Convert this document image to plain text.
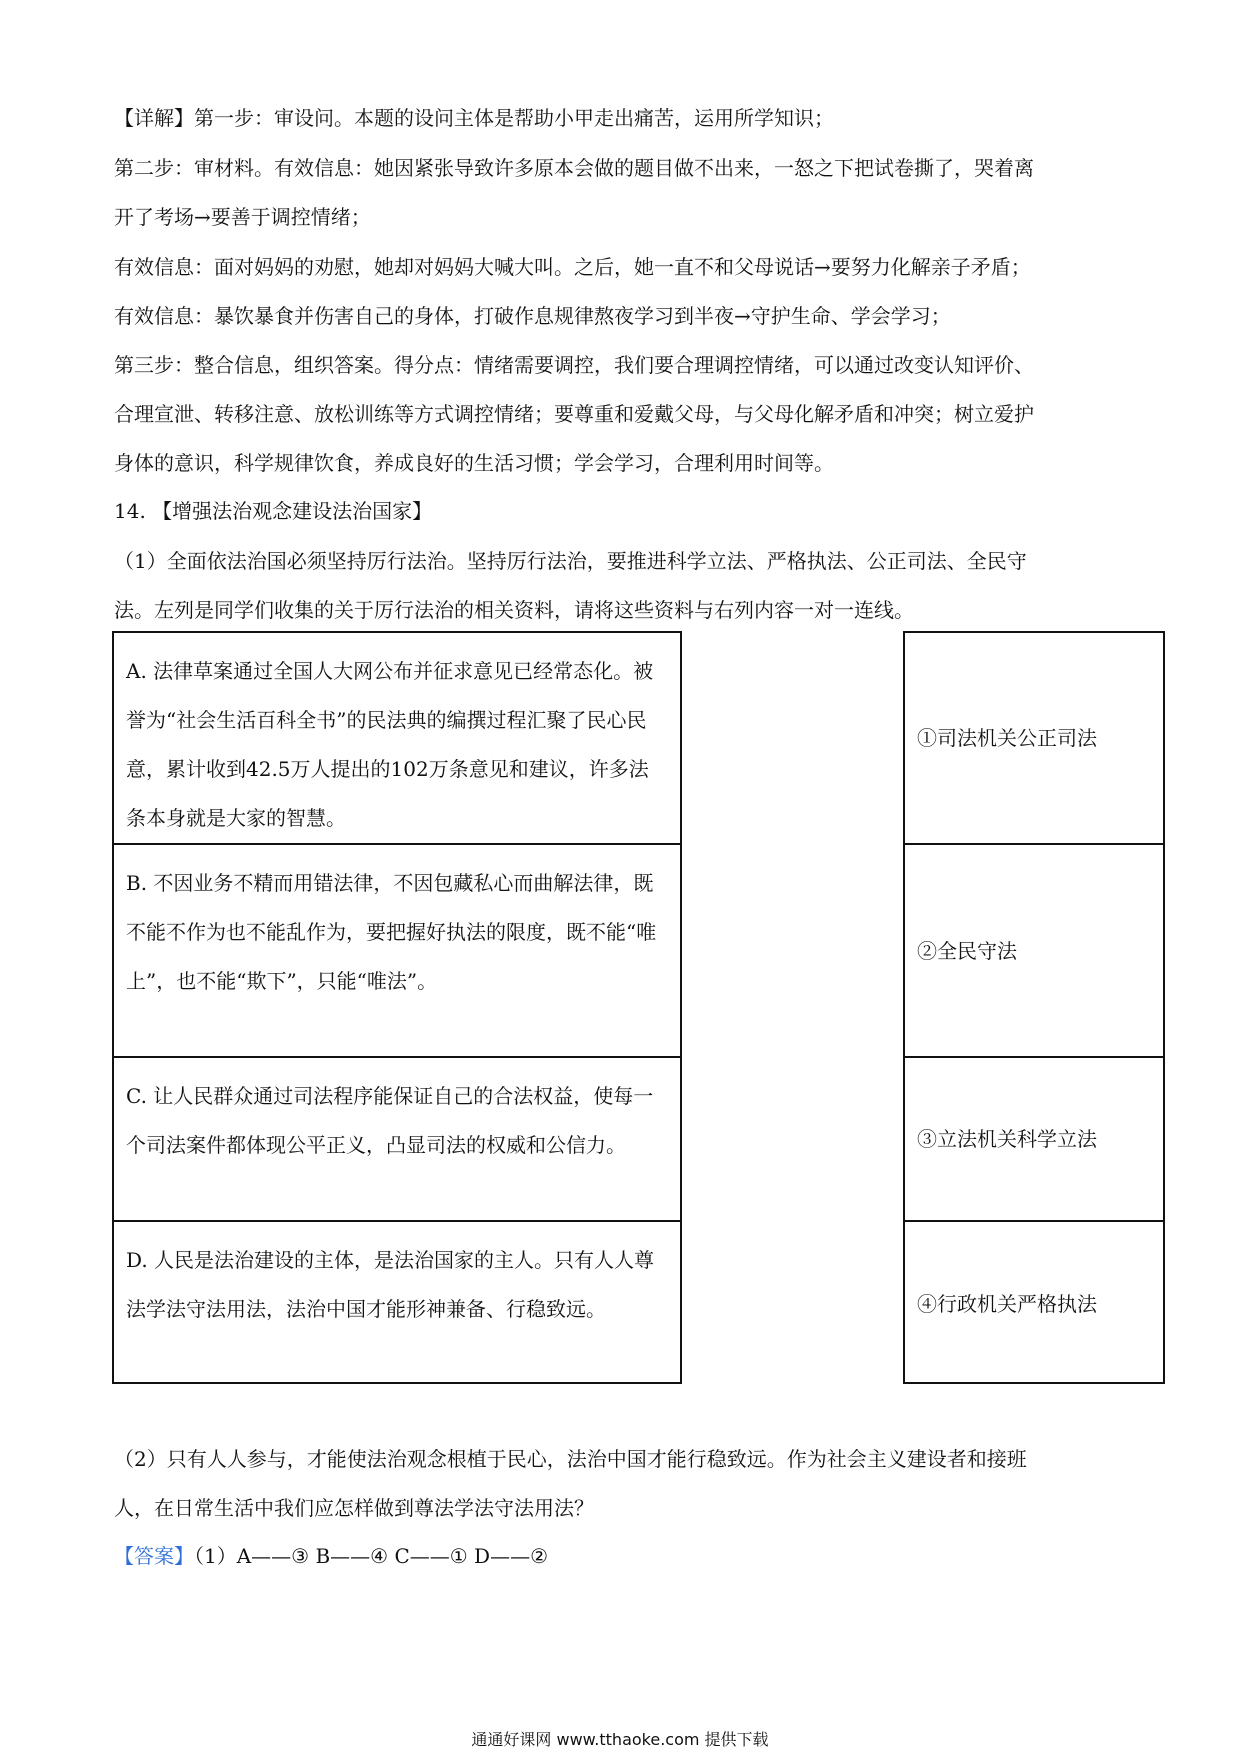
【详解】第一步：审设问。本题的设问主体是帮助小甲走出痛苦，运用所学知识；
第二步：审材料。有效信息：她因紧张导致许多原本会做的题目做不出来，一怒之下把试卷撕了，哭着离
开了考场→要善于调控情绪；
有效信息：面对妈妈的劝慰，她却对妈妈大喊大叫。之后，她一直不和父母说话→要努力化解亲子矛盾；
有效信息：暴饮暴食并伤害自己的身体，打破作息规律熬夜学习到半夜→守护生命、学会学习；
第三步：整合信息，组织答案。得分点：情绪需要调控，我们要合理调控情绪，可以通过改变认知评价、
合理宣泄、转移注意、放松训练等方式调控情绪；要尊重和爱戴父母，与父母化解矛盾和冲突；树立爱护
身体的意识，科学规律饮食，养成良好的生活习惯；学会学习，合理利用时间等。
14. 【增强法治观念建设法治国家】
（1）全面依法治国必须坚持厉行法治。坚持厉行法治，要推进科学立法、严格执法、公正司法、全民守
法。左列是同学们收集的关于厉行法治的相关资料，请将这些资料与右列内容一对一连线。
A. 法律草案通过全国人大网公布并征求意见已经常态化。被誉为“社会生活百科全书”的民法典的编撰过程汇聚了民心民意，累计收到42.5万人提出的102万条意见和建议，许多法条本身就是大家的智慧。
B. 不因业务不精而用错法律，不因包藏私心而曲解法律，既不能不作为也不能乱作为，要把握好执法的限度，既不能“唯上”，也不能“欺下”，只能“唯法”。
C. 让人民群众通过司法程序能保证自己的合法权益，使每一个司法案件都体现公平正义，凸显司法的权威和公信力。
D. 人民是法治建设的主体，是法治国家的主人。只有人人尊法学法守法用法，法治中国才能形神兼备、行稳致远。
①司法机关公正司法
②全民守法
③立法机关科学立法
④行政机关严格执法
（2）只有人人参与，才能使法治观念根植于民心，法治中国才能行稳致远。作为社会主义建设者和接班
人，在日常生活中我们应怎样做到尊法学法守法用法？
【答案】（1）A——③ B——④ C——① D——②
通通好课网 www.tthaoke.com 提供下载
